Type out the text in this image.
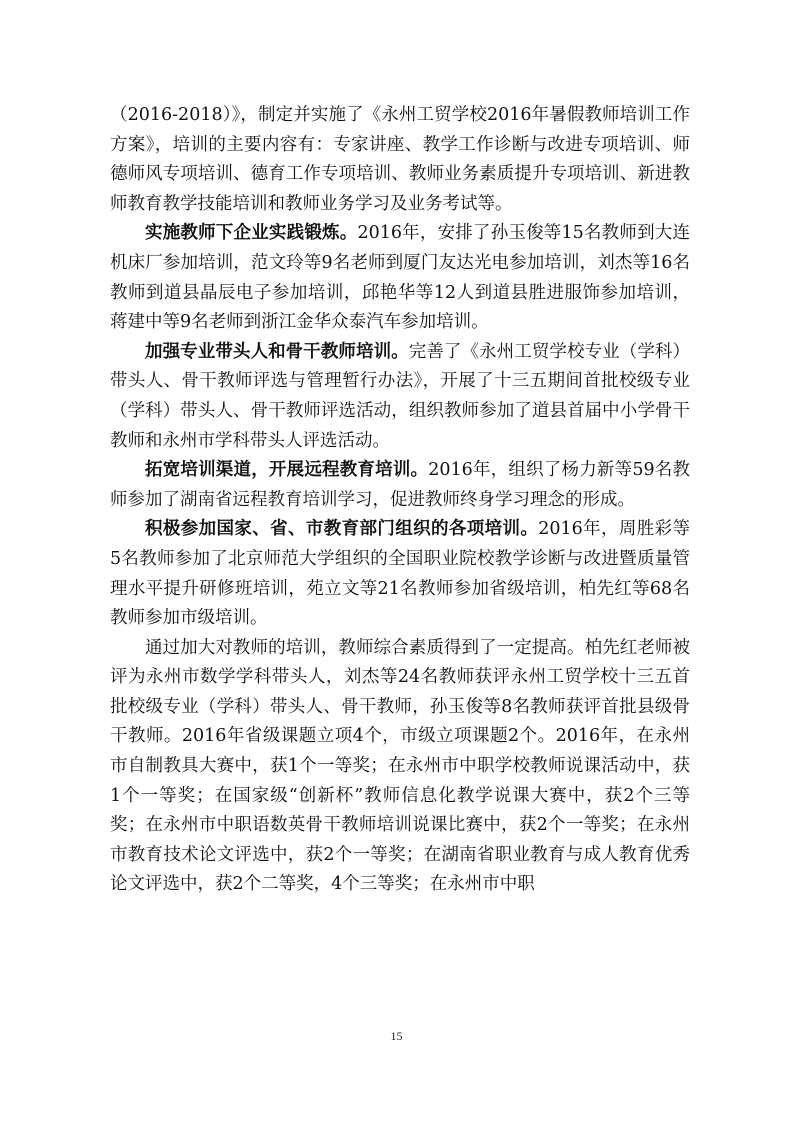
（2016-2018）》，制定并实施了《永州工贸学校2016年暑假教师培训工作方案》，培训的主要内容有：专家讲座、教学工作诊断与改进专项培训、师德师风专项培训、德育工作专项培训、教师业务素质提升专项培训、新进教师教育教学技能培训和教师业务学习及业务考试等。

实施教师下企业实践锻炼。2016年，安排了孙玉俊等15名教师到大连机床厂参加培训，范文玲等9名老师到厦门友达光电参加培训，刘杰等16名教师到道县晶辰电子参加培训，邱艳华等12人到道县胜进服饰参加培训，蒋建中等9名老师到浙江金华众泰汽车参加培训。

加强专业带头人和骨干教师培训。完善了《永州工贸学校专业（学科）带头人、骨干教师评选与管理暂行办法》，开展了十三五期间首批校级专业（学科）带头人、骨干教师评选活动，组织教师参加了道县首届中小学骨干教师和永州市学科带头人评选活动。

拓宽培训渠道，开展远程教育培训。2016年，组织了杨力新等59名教师参加了湖南省远程教育培训学习，促进教师终身学习理念的形成。

积极参加国家、省、市教育部门组织的各项培训。2016年，周胜彩等5名教师参加了北京师范大学组织的全国职业院校教学诊断与改进暨质量管理水平提升研修班培训，苑立文等21名教师参加省级培训，柏先红等68名教师参加市级培训。

通过加大对教师的培训，教师综合素质得到了一定提高。柏先红老师被评为永州市数学学科带头人，刘杰等24名教师获评永州工贸学校十三五首批校级专业（学科）带头人、骨干教师，孙玉俊等8名教师获评首批县级骨干教师。2016年省级课题立项4个，市级立项课题2个。2016年，在永州市自制教具大赛中，获1个一等奖；在永州市中职学校教师说课活动中，获1个一等奖；在国家级“创新杯”教师信息化教学说课大赛中，获2个三等奖；在永州市中职语数英骨干教师培训说课比赛中，获2个一等奖；在永州市教育技术论文评选中，获2个一等奖；在湖南省职业教育与成人教育优秀论文评选中，获2个二等奖，4个三等奖；在永州市中职

15
